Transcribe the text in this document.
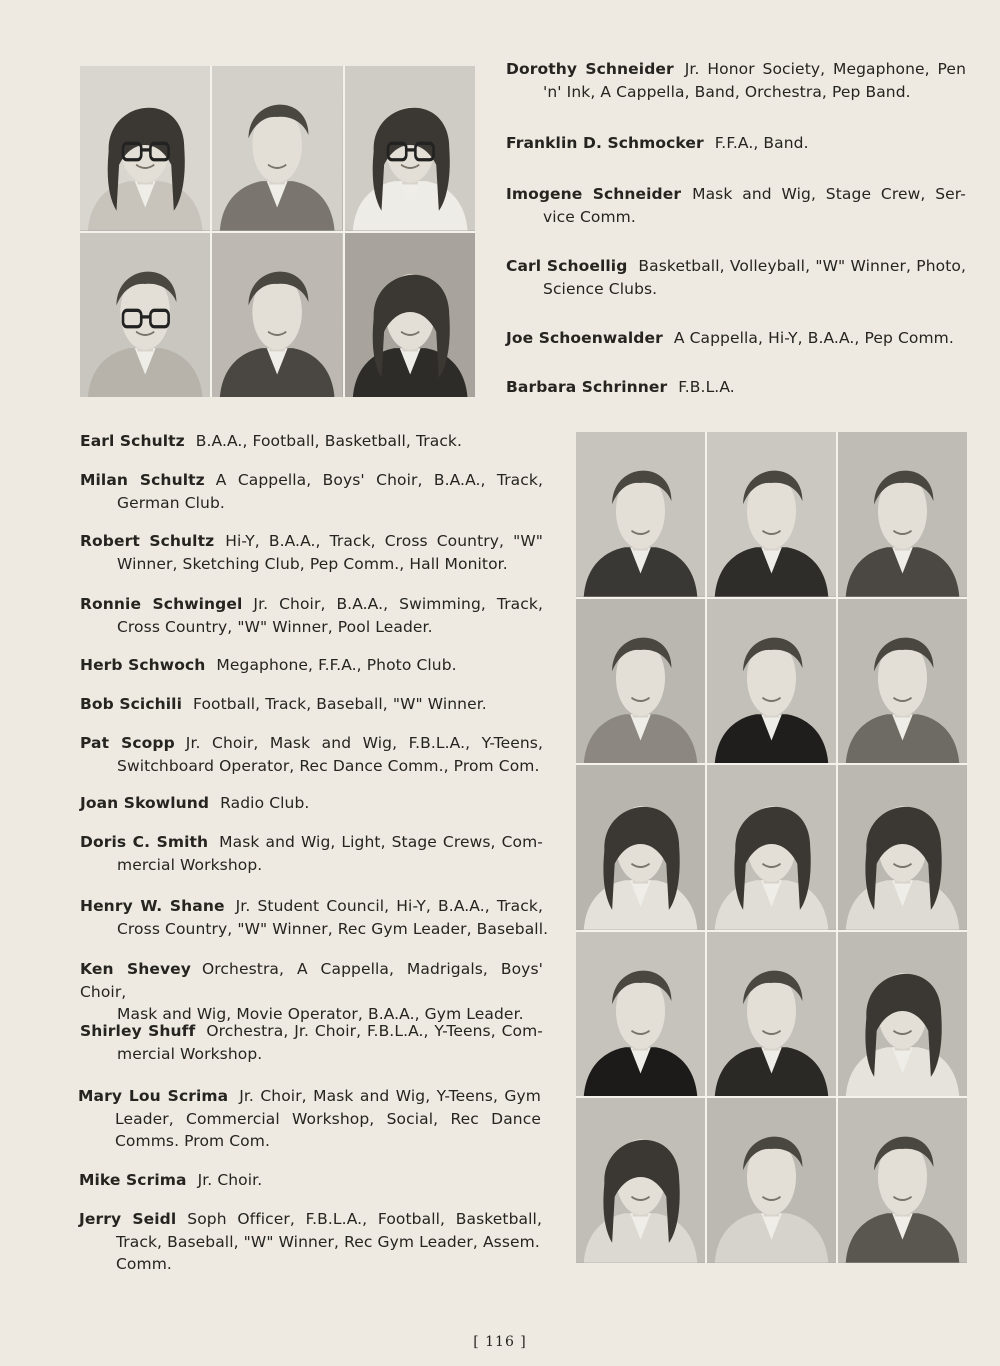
Dorothy Schneider Jr. Honor Society, Megaphone, Pen
'n' Ink, A Cappella, Band, Orchestra, Pep Band.
Franklin D. Schmocker F.F.A., Band.
Imogene Schneider Mask and Wig, Stage Crew, Ser-
vice Comm.
Carl Schoellig Basketball, Volleyball, "W" Winner, Photo,
Science Clubs.
Joe Schoenwalder A Cappella, Hi-Y, B.A.A., Pep Comm.
Barbara Schrinner F.B.L.A.
Earl Schultz B.A.A., Football, Basketball, Track.
Milan Schultz A Cappella, Boys' Choir, B.A.A., Track,
German Club.
Robert Schultz Hi-Y, B.A.A., Track, Cross Country, "W"
Winner, Sketching Club, Pep Comm., Hall Monitor.
Ronnie Schwingel Jr. Choir, B.A.A., Swimming, Track,
Cross Country, "W" Winner, Pool Leader.
Herb Schwoch Megaphone, F.F.A., Photo Club.
Bob Scichili Football, Track, Baseball, "W" Winner.
Pat Scopp Jr. Choir, Mask and Wig, F.B.L.A., Y-Teens,
Switchboard Operator, Rec Dance Comm., Prom Com.
Joan Skowlund Radio Club.
Doris C. Smith Mask and Wig, Light, Stage Crews, Com-
mercial Workshop.
Henry W. Shane Jr. Student Council, Hi-Y, B.A.A., Track,
Cross Country, "W" Winner, Rec Gym Leader, Baseball.
Ken Shevey Orchestra, A Cappella, Madrigals, Boys' Choir,
Mask and Wig, Movie Operator, B.A.A., Gym Leader.
Shirley Shuff Orchestra, Jr. Choir, F.B.L.A., Y-Teens, Com-
mercial Workshop.
Mary Lou Scrima Jr. Choir, Mask and Wig, Y-Teens, Gym
Leader, Commercial Workshop, Social, Rec Dance
Comms. Prom Com.
Mike Scrima Jr. Choir.
Jerry Seidl Soph Officer, F.B.L.A., Football, Basketball,
Track, Baseball, "W" Winner, Rec Gym Leader, Assem.
Comm.
[ 116 ]
